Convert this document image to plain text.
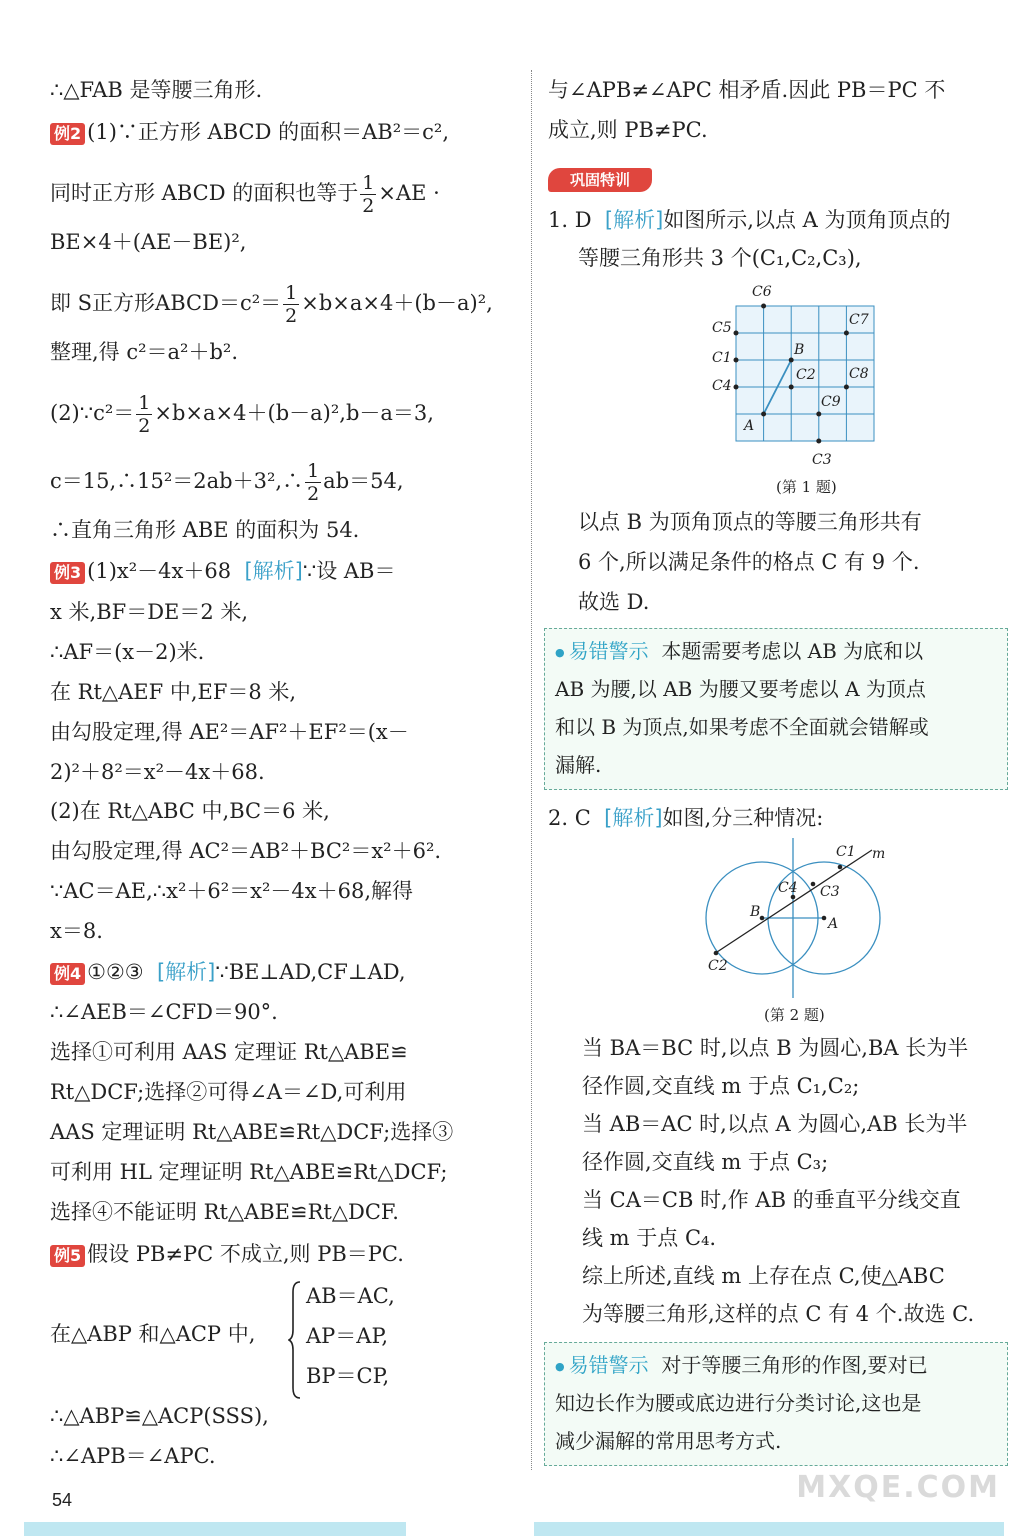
∴△FAB 是等腰三角形.
例2 (1)∵正方形 ABCD 的面积＝AB²＝c²,
同时正方形 ABCD 的面积也等于 $\frac{1}{2} \times AE$ ·
BE×4＋(AE－BE)²,
即 S正方形ABCD＝c²＝ $\frac{1}{2} \times b\times a\times 4+(b-a)^2$,
整理,得 c²＝a²＋b².
(2)∵c²＝ $\frac{1}{2} \times b\times a\times 4+(b-a)^2,b-a=3$,
c＝15,∴15²＝2ab＋3²,∴ $\frac{1}{2} ab=54$,
∴直角三角形 ABE 的面积为 54.
例3 (1)x²－4x＋68 [解析]∵设 AB＝
x 米,BF＝DE＝2 米,
∴AF＝(x－2)米.
在 Rt△AEF 中,EF＝8 米,
由勾股定理,得 AE²＝AF²＋EF²＝(x－
2)²＋8²＝x²－4x＋68.
(2)在 Rt△ABC 中,BC＝6 米,
由勾股定理,得 AC²＝AB²＋BC²＝x²＋6².
∵AC＝AE,∴x²＋6²＝x²－4x＋68,解得
x＝8.
例4 ①②③ [解析]∵BE⊥AD,CF⊥AD,
∴∠AEB＝∠CFD＝90°.
选择①可利用 AAS 定理证 Rt△ABE≌
Rt△DCF;选择②可得∠A＝∠D,可利用
AAS 定理证明 Rt△ABE≌Rt△DCF;选择③
可利用 HL 定理证明 Rt△ABE≌Rt△DCF;
选择④不能证明 Rt△ABE≌Rt△DCF.
例5 假设 PB≠PC 不成立,则 PB＝PC.
在△ABP 和△ACP 中,
AB＝AC,
AP＝AP,
BP＝CP,
∴△ABP≌△ACP(SSS),
∴∠APB＝∠APC.
与∠APB≠∠APC 相矛盾.因此 PB＝PC 不
成立,则 PB≠PC.
1. D [解析]如图所示,以点 A 为顶角顶点的
等腰三角形共 3 个(C₁,C₂,C₃),
以点 B 为顶角顶点的等腰三角形共有
6 个,所以满足条件的格点 C 有 9 个.
故选 D.
2. C [解析]如图,分三种情况:
当 BA＝BC 时,以点 B 为圆心,BA 长为半
径作圆,交直线 m 于点 C₁,C₂;
当 AB＝AC 时,以点 A 为圆心,AB 长为半
径作圆,交直线 m 于点 C₃;
当 CA＝CB 时,作 AB 的垂直平分线交直
线 m 于点 C₄.
综上所述,直线 m 上存在点 C,使△ABC
为等腰三角形,这样的点 C 有 4 个.故选 C.
巩固特训
● 易错警示 本题需要考虑以 AB 为底和以
AB 为腰,以 AB 为腰又要考虑以 A 为顶点
和以 B 为顶点,如果考虑不全面就会错解或
漏解.
● 易错警示 对于等腰三角形的作图,要对已
知边长作为腰或底边进行分类讨论,这也是
减少漏解的常用思考方式.
C6
C5
C1
C4
C7
C2 C8
C9
B
A
C3
(第 1 题)
C1 m
C4 C3
B
A
C2
(第 2 题)
54	MXQE.COM
